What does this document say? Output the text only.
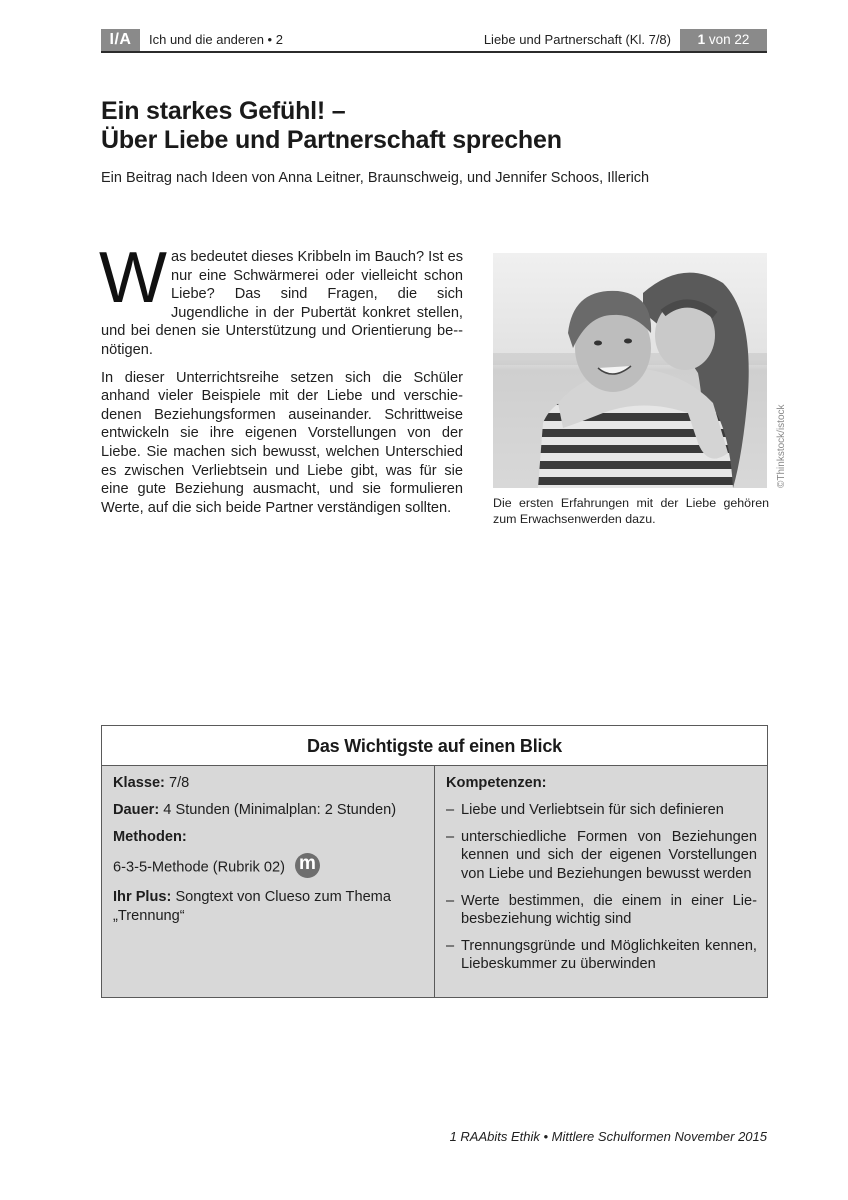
I/A	Ich und die anderen • 2	Liebe und Partnerschaft (Kl. 7/8)	1 von 22
Ein starkes Gefühl! –
Über Liebe und Partnerschaft sprechen
Ein Beitrag nach Ideen von Anna Leitner, Braunschweig, und Jennifer Schoos, Illerich

Was bedeutet dieses Kribbeln im Bauch? Ist es nur eine Schwärmerei oder vielleicht schon Liebe? Das sind Fragen, die sich Jugendliche in der Pubertät konkret stellen, und bei denen sie Unterstützung und Orientierung be-nötigen.

In dieser Unterrichtsreihe setzen sich die Schüler anhand vieler Beispiele mit der Liebe und verschiedenen Beziehungsformen auseinander. Schrittweise entwickeln sie ihre eigenen Vorstellungen von der Liebe. Sie machen sich bewusst, welchen Unterschied es zwischen Verliebtsein und Liebe gibt, was für sie eine gute Beziehung ausmacht, und sie formulieren Werte, auf die sich beide Partner verständigen sollten.	Die ersten Erfahrungen mit der Liebe gehören zum Erwachsenwerden dazu.
©Thinkstock/istock
Das Wichtigste auf einen Blick

Klasse: 7/8

Dauer: 4 Stunden (Minimalplan: 2 Stunden)

Methoden:

6-3-5-Methode (Rubrik 02) m

Ihr Plus: Songtext von Clueso zum Thema „Trennung“

Kompetenzen:

– Liebe und Verliebtsein für sich definieren
– unterschiedliche Formen von Beziehungen kennen und sich der eigenen Vorstellungen von Liebe und Beziehungen bewusst werden
– Werte bestimmen, die einem in einer Liebesbeziehung wichtig sind
– Trennungsgründe und Möglichkeiten kennen, Liebeskummer zu überwinden
1 RAAbits Ethik • Mittlere Schulformen November 2015
